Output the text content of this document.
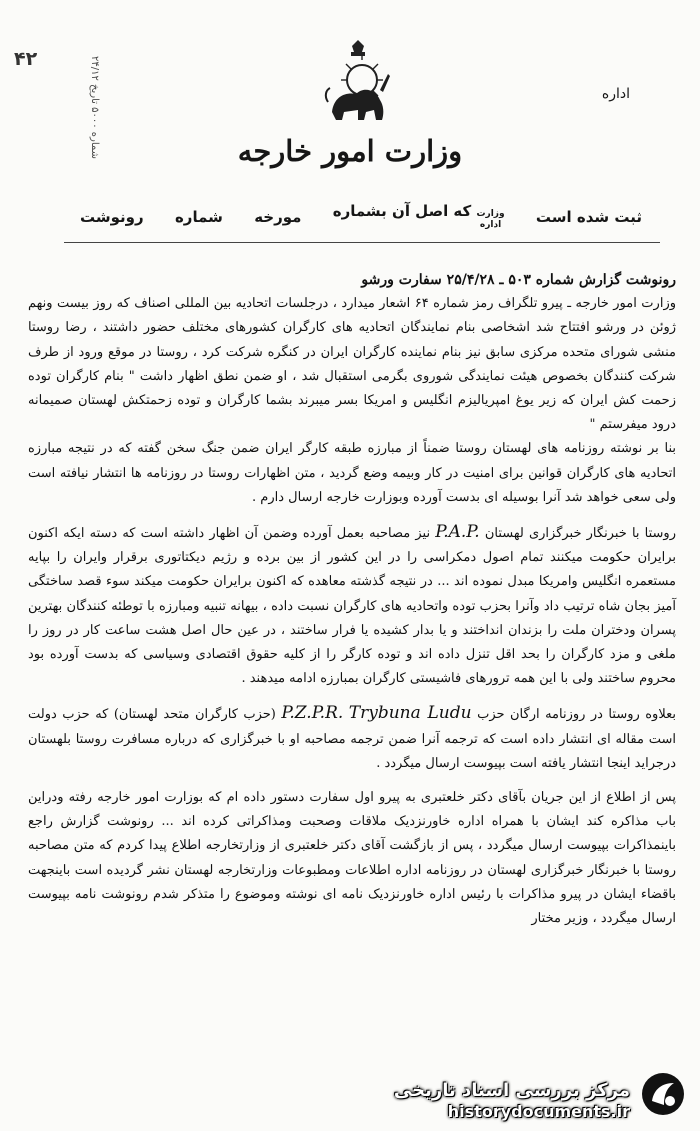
۴۲	شماره ۵۰۰۰ تاریخ ۲۴/۱۲
اداره
وزارت امور خارجه
رونوشت شماره مورخه	وزارت
اداره
که اصل آن بشماره	ثبت شده است

رونوشت گزارش شماره ۵۰۳ ـ ۲۵/۴/۲۸ سفارت ورشو

وزارت امور خارجه ـ پیرو تلگراف رمز شماره ۶۴ اشعار میدارد ، درجلسات اتحادیه بین المللی اصناف که روز بیست ونهم ژوئن در ورشو افتتاح شد اشخاصی بنام نمایندگان اتحادیه های کارگران کشورهای مختلف حضور داشتند ، رضا روستا منشی شورای متحده مرکزی سابق نیز بنام نماینده کارگران ایران در کنگره شرکت کرد ، روستا در موقع ورود از طرف شرکت کنندگان بخصوص هیئت نمایندگی شوروی بگرمی استقبال شد ، او ضمن نطق اظهار داشت " بنام کارگران توده زحمت کش ایران که زیر یوغ امپریالیزم انگلیس و امریکا بسر میبرند بشما کارگران و توده زحمتکش لهستان صمیمانه درود میفرستم "

بنا بر نوشته روزنامه های لهستان روستا ضمناً از مبارزه طبقه کارگر ایران ضمن جنگ سخن گفته که در نتیجه مبارزه اتحادیه های کارگران قوانین برای امنیت در کار وبیمه وضع گردید ، متن اظهارات روستا در روزنامه ها انتشار نیافته است ولی سعی خواهد شد آنرا بوسیله ای بدست آورده وبوزارت خارجه ارسال دارم .

روستا با خبرنگار خبرگزاری لهستان P.A.P. نیز مصاحبه بعمل آورده وضمن آن اظهار داشته است که دسته ایکه اکنون برایران حکومت میکنند تمام اصول دمکراسی را در این کشور از بین برده و رژیم دیکتاتوری برقرار وایران را بپایه مستعمره انگلیس وامریکا مبدل نموده اند ... در نتیجه گذشته معاهده که اکنون برایران حکومت میکند سوء قصد ساختگی آمیز بجان شاه ترتیب داد وآنرا بحزب توده واتحادیه های کارگران نسبت داده ، بیهانه تنبیه ومبارزه با توطئه کنندگان بهترین پسران ودختران ملت را بزندان انداختند و یا بدار کشیده یا فرار ساختند ، در عین حال اصل هشت ساعت کار در روز را ملغی و مزد کارگران را بحد اقل تنزل داده اند و توده کارگر را از کلیه حقوق اقتصادی وسیاسی که بدست آورده بود محروم ساختند ولی با این همه ترورهای فاشیستی کارگران بمبارزه ادامه میدهند .

بعلاوه روستا در روزنامه ارگان حزب P.Z.P.R. Trybuna Ludu (حزب کارگران متحد لهستان) که حزب دولت است مقاله ای انتشار داده است که ترجمه آنرا ضمن ترجمه مصاحبه او با خبرگزاری که درباره مسافرت روستا بلهستان درجراید اینجا انتشار یافته است بپیوست ارسال میگردد .

پس از اطلاع از این جریان بآقای دکتر خلعتبری به پیرو اول سفارت دستور داده ام که بوزارت امور خارجه رفته ودراین باب مذاکره کند ایشان با همراه اداره خاورنزدیک ملاقات وصحبت ومذاکراتی کرده اند ... رونوشت گزارش راجع باینمذاکرات بپیوست ارسال میگردد ، پس از بازگشت آقای دکتر خلعتبری از وزارتخارجه اطلاع پیدا کردم که متن مصاحبه روستا با خبرنگار خبرگزاری لهستان در روزنامه اداره اطلاعات ومطبوعات وزارتخارجه لهستان نشر گردیده است باینجهت باقضاء ایشان در پیرو مذاکرات با رئیس اداره خاورنزدیک نامه ای نوشته وموضوع را متذکر شدم رونوشت نامه بپیوست ارسال میگردد ، وزیر مختار

مرکز بررسی اسناد تاریخی
historydocuments.ir
